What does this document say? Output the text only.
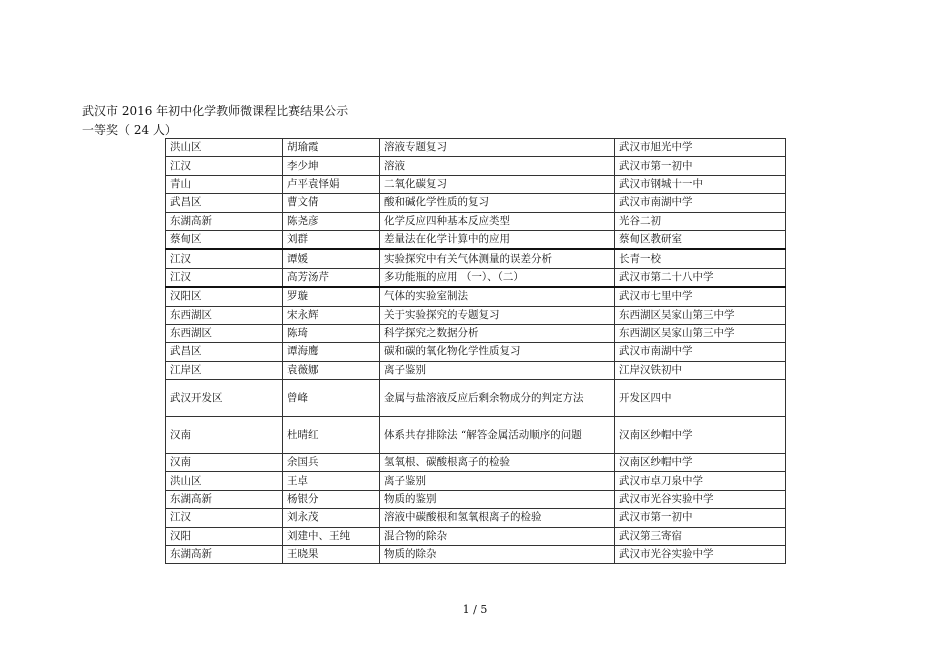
武汉市 2016 年初中化学教师微课程比赛结果公示
一等奖（ 24 人）
洪山区	胡瑜霞	溶液专题复习	武汉市旭光中学
江汉	李少坤	溶液	武汉市第一初中
青山	卢平袁怿娟	二氧化碳复习	武汉市钢城十一中
武昌区	曹文倩	酸和碱化学性质的复习	武汉市南湖中学
东湖高新	陈尧彦	化学反应四种基本反应类型	光谷二初
蔡甸区	刘群	差量法在化学计算中的应用	蔡甸区教研室
江汉	谭媛	实验探究中有关气体测量的误差分析	长青一校
江汉	高芳汤芹	多功能瓶的应用 （一）、（二）	武汉市第二十八中学
汉阳区	罗璇	气体的实验室制法	武汉市七里中学
东西湖区	宋永辉	关于实验探究的专题复习	东西湖区吴家山第三中学
东西湖区	陈琦	科学探究之数据分析	东西湖区吴家山第三中学
武昌区	谭海鹰	碳和碳的氧化物化学性质复习	武汉市南湖中学
江岸区	袁薇娜	离子鉴别	江岸汉铁初中
武汉开发区	曾峰	金属与盐溶液反应后剩余物成分的判定方法	开发区四中
汉南	杜晴红	体系共存排除法 “解答金属活动顺序的问题	汉南区纱帽中学
汉南	余国兵	氢氧根、碳酸根离子的检验	汉南区纱帽中学
洪山区	王卓	离子鉴别	武汉市卓刀泉中学
东湖高新	杨银分	物质的鉴别	武汉市光谷实验中学
江汉	刘永茂	溶液中碳酸根和氢氧根离子的检验	武汉市第一初中
汉阳	刘建中、王纯	混合物的除杂	武汉第三寄宿
东湖高新	王晓果	物质的除杂	武汉市光谷实验中学
1 / 5
